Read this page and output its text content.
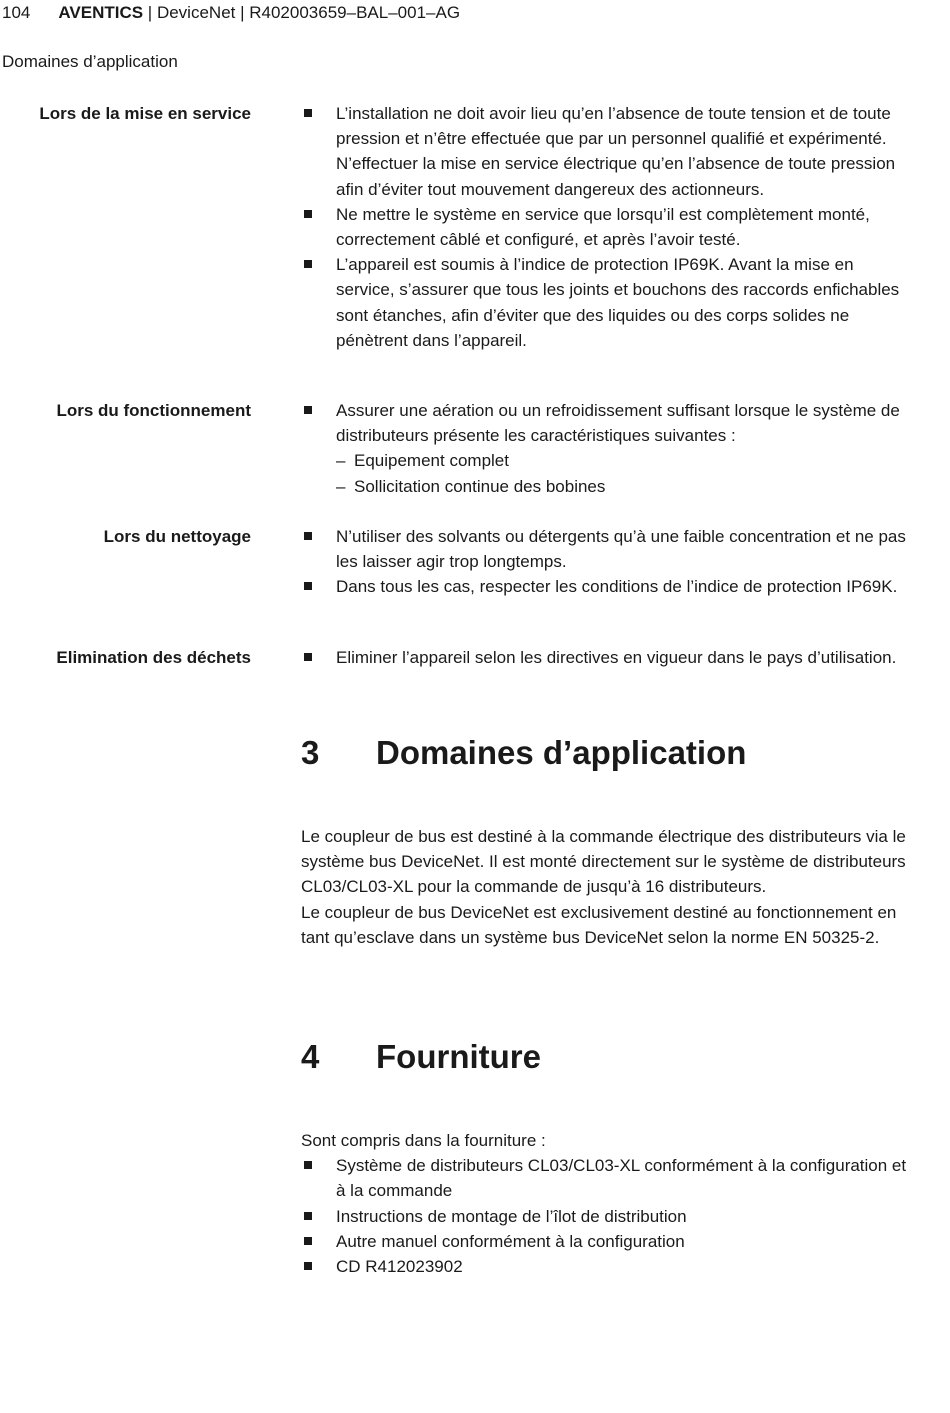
104 AVENTICS | DeviceNet | R402003659–BAL–001–AG
Domaines d’application
Lors de la mise en service	L’installation ne doit avoir lieu qu’en l’absence de toute tension et de toute pression et n’être effectuée que par un personnel qualifié et expérimenté. N’effectuer la mise en service électrique qu’en l’absence de toute pression afin d’éviter tout mouvement dangereux des actionneurs.
Ne mettre le système en service que lorsqu’il est complètement monté, correctement câblé et configuré, et après l’avoir testé.
L’appareil est soumis à l’indice de protection IP69K. Avant la mise en service, s’assurer que tous les joints et bouchons des raccords enfichables sont étanches, afin d’éviter que des liquides ou des corps solides ne pénètrent dans l’appareil.
Lors du fonctionnement	Assurer une aération ou un refroidissement suffisant lorsque le système de distributeurs présente les caractéristiques suivantes :
– Equipement complet
– Sollicitation continue des bobines
Lors du nettoyage	N’utiliser des solvants ou détergents qu’à une faible concentration et ne pas les laisser agir trop longtemps.
Dans tous les cas, respecter les conditions de l’indice de protection IP69K.
Elimination des déchets	Eliminer l’appareil selon les directives en vigueur dans le pays d’utilisation.
3 Domaines d’application

Le coupleur de bus est destiné à la commande électrique des distributeurs via le système bus DeviceNet. Il est monté directement sur le système de distributeurs CL03/CL03-XL pour la commande de jusqu’à 16 distributeurs.

Le coupleur de bus DeviceNet est exclusivement destiné au fonctionnement en tant qu’esclave dans un système bus DeviceNet selon la norme EN 50325-2.

4 Fourniture

Sont compris dans la fourniture :

Système de distributeurs CL03/CL03-XL conformément à la configuration et à la commande
Instructions de montage de l’îlot de distribution
Autre manuel conformément à la configuration
CD R412023902
